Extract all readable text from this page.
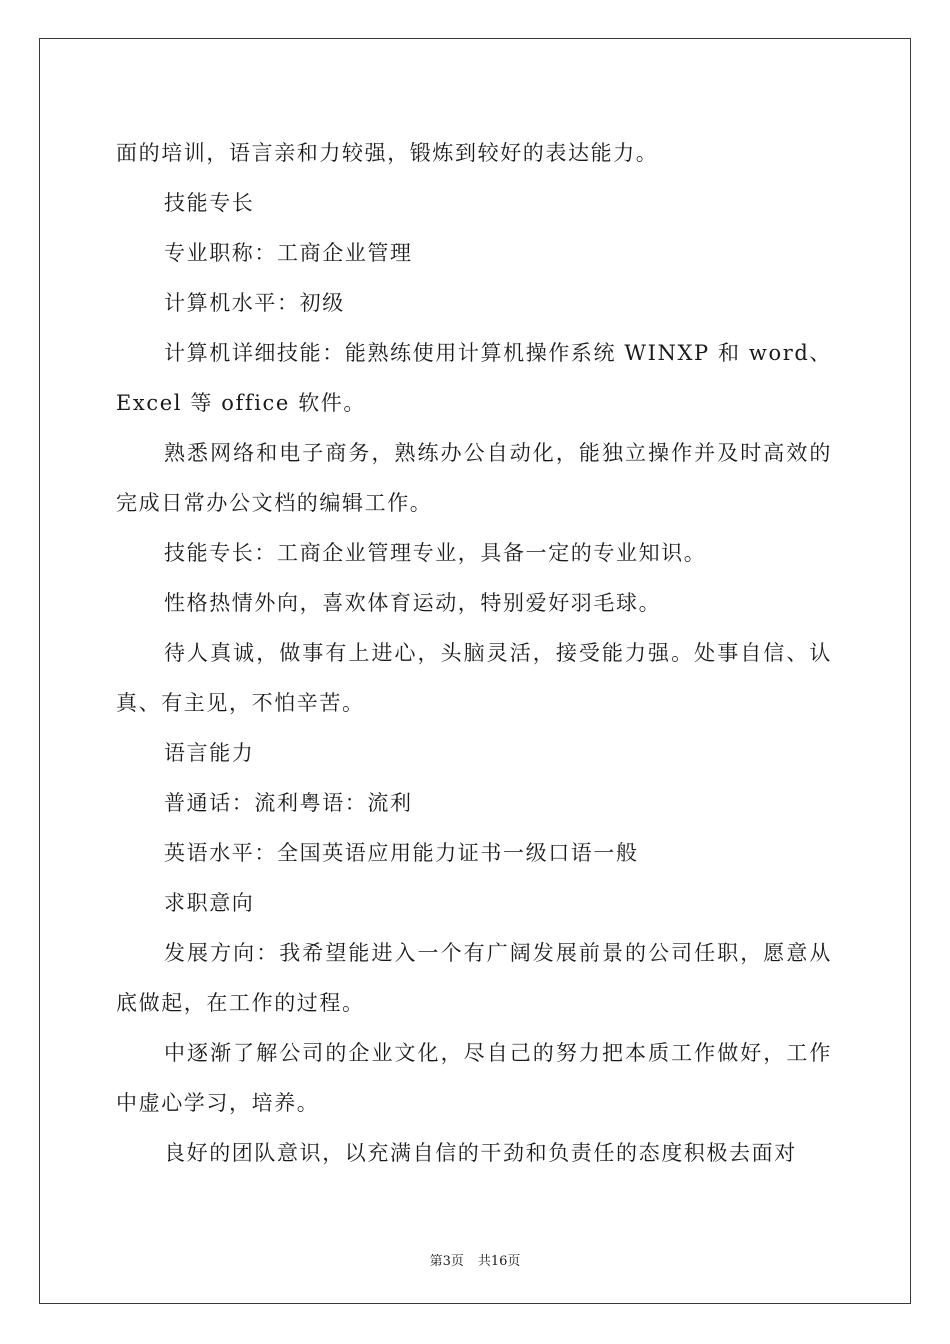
面的培训，语言亲和力较强，锻炼到较好的表达能力。

技能专长

专业职称：工商企业管理

计算机水平：初级

计算机详细技能：能熟练使用计算机操作系统 WINXP 和 word、Excel 等 office 软件。

熟悉网络和电子商务，熟练办公自动化，能独立操作并及时高效的完成日常办公文档的编辑工作。

技能专长：工商企业管理专业，具备一定的专业知识。

性格热情外向，喜欢体育运动，特别爱好羽毛球。

待人真诚，做事有上进心，头脑灵活，接受能力强。处事自信、认真、有主见，不怕辛苦。

语言能力

普通话：流利粤语：流利

英语水平：全国英语应用能力证书一级口语一般

求职意向

发展方向：我希望能进入一个有广阔发展前景的公司任职，愿意从底做起，在工作的过程。

中逐渐了解公司的企业文化，尽自己的努力把本质工作做好，工作中虚心学习，培养。

良好的团队意识，以充满自信的干劲和负责任的态度积极去面对

第3页 共16页
